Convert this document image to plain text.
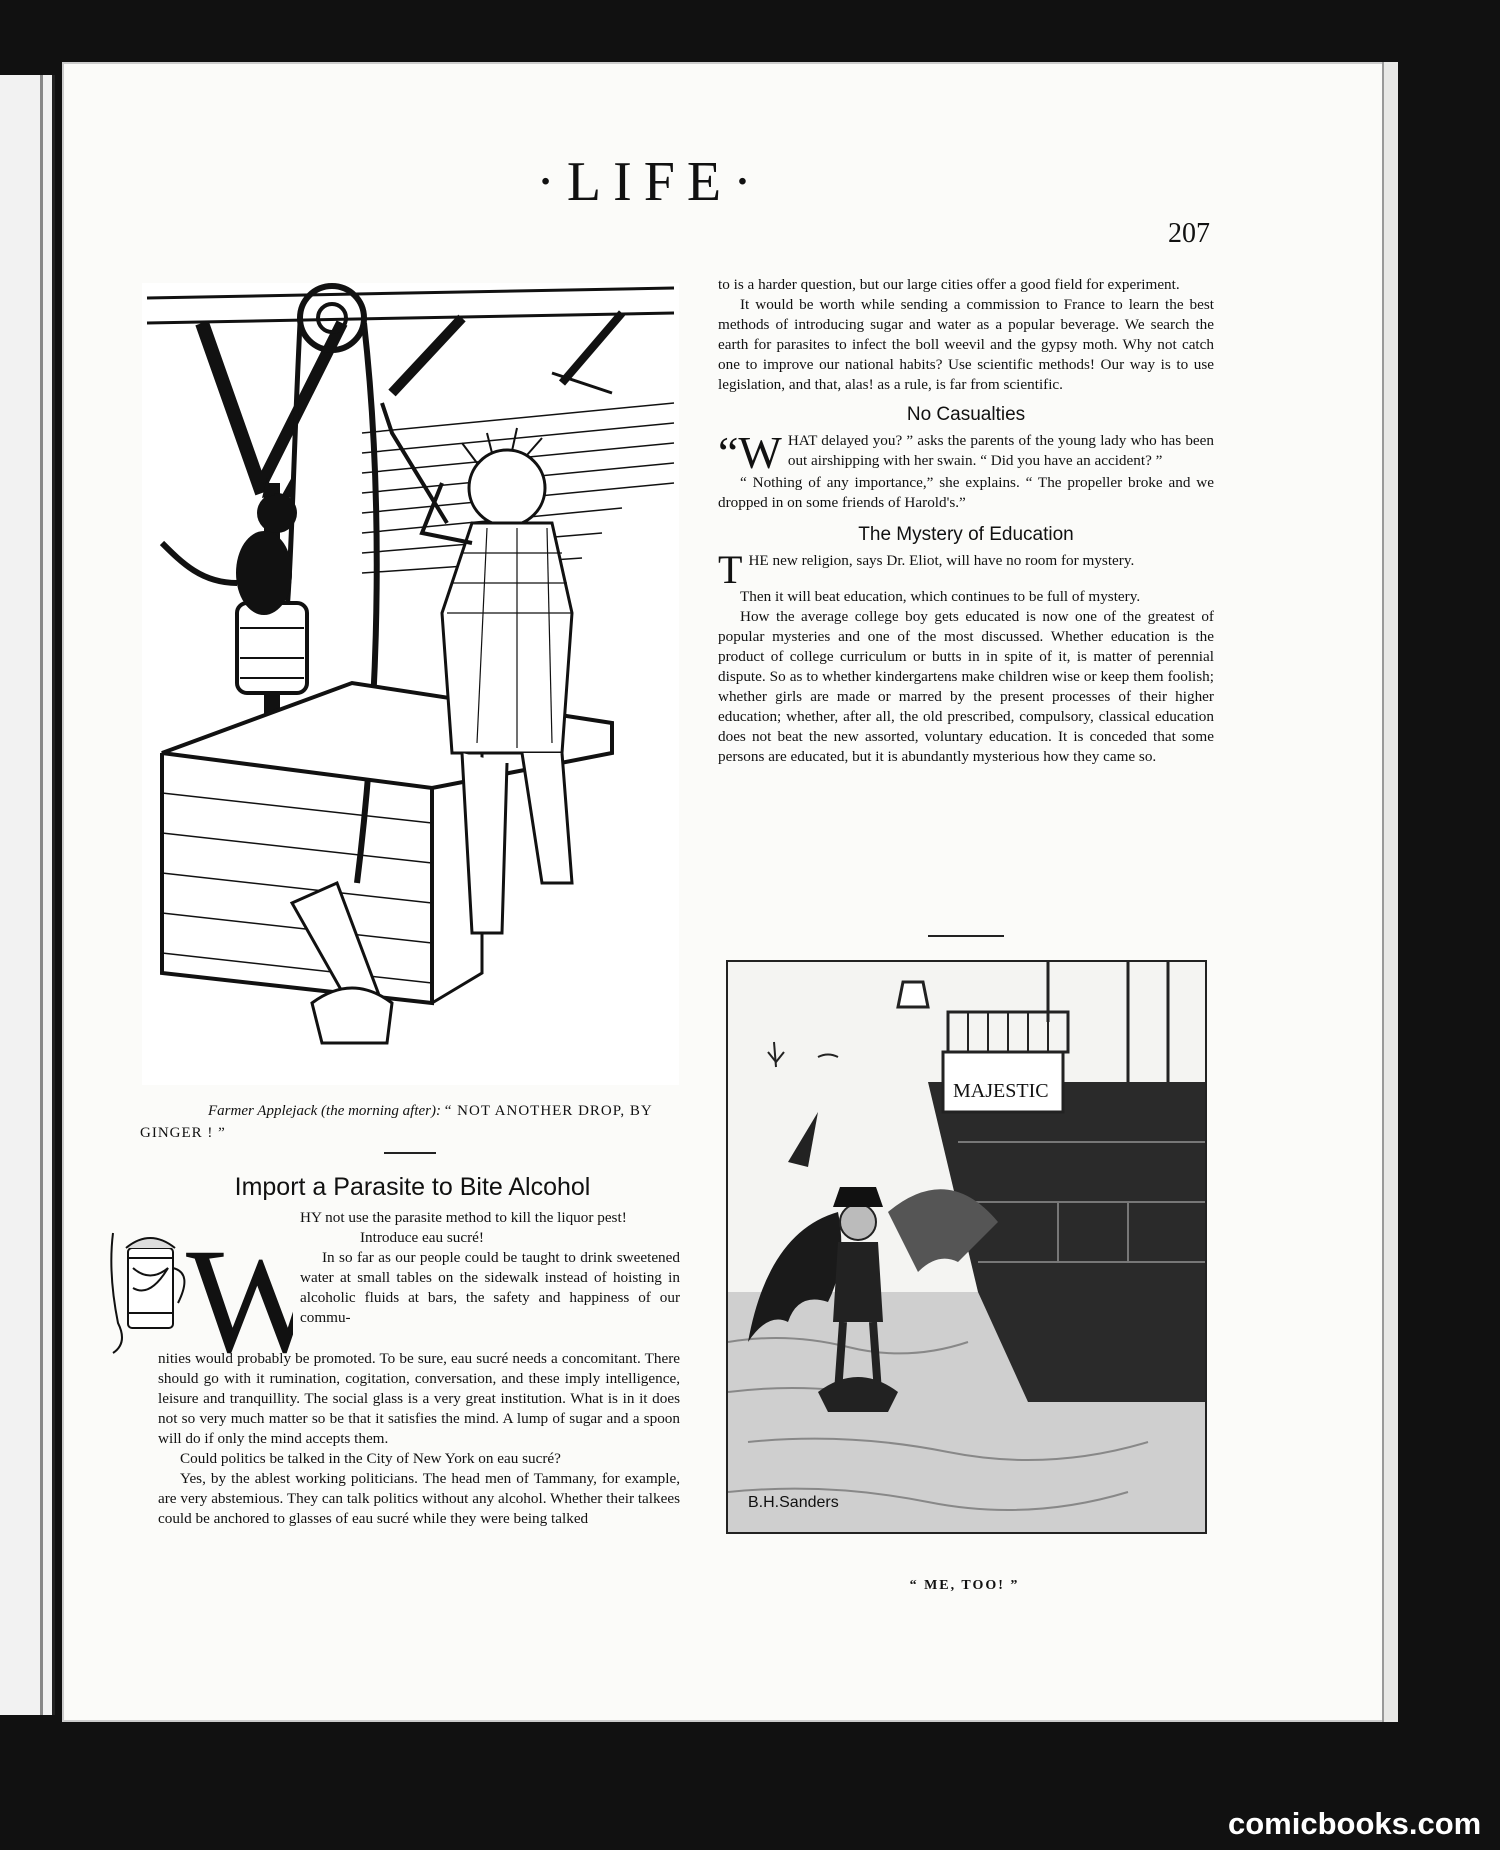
·LIFE·
207
Farmer Applejack (the morning after): “ NOT ANOTHER DROP, BY GINGER ! ”
Import a Parasite to Bite Alcohol
W

HY not use the parasite method to kill the liquor pest!

Introduce eau sucré!

In so far as our people could be taught to drink sweetened water at small tables on the sidewalk instead of hoisting in alcoholic fluids at bars, the safety and happiness of our commu-

nities would probably be promoted. To be sure, eau sucré needs a concomitant. There should go with it rumination, cogitation, conversation, and these imply intelligence, leisure and tranquillity. The social glass is a very great institution. What is in it does not so very much matter so be that it satisfies the mind. A lump of sugar and a spoon will do if only the mind accepts them.

Could politics be talked in the City of New York on eau sucré?

Yes, by the ablest working politicians. The head men of Tammany, for example, are very abstemious. They can talk politics without any alcohol. Whether their talkees could be anchored to glasses of eau sucré while they were being talked

to is a harder question, but our large cities offer a good field for experiment.

It would be worth while sending a commission to France to learn the best methods of introducing sugar and water as a popular beverage. We search the earth for parasites to infect the boll weevil and the gypsy moth. Why not catch one to improve our national habits? Use scientific methods! Our way is to use legislation, and that, alas! as a rule, is far from scientific.

No Casualties

“WHAT delayed you? ” asks the parents of the young lady who has been out airshipping with her swain. “ Did you have an accident? ”

“ Nothing of any importance,” she explains. “ The propeller broke and we dropped in on some friends of Harold's.”

The Mystery of Education

THE new religion, says Dr. Eliot, will have no room for mystery.

Then it will beat education, which continues to be full of mystery.

How the average college boy gets educated is now one of the greatest of popular mysteries and one of the most discussed. Whether education is the product of college curriculum or butts in in spite of it, is matter of perennial dispute. So as to whether kindergartens make children wise or keep them foolish; whether girls are made or marred by the present processes of their higher education; whether, after all, the old prescribed, compulsory, classical education does not beat the new assorted, voluntary education. It is conceded that some persons are educated, but it is abundantly mysterious how they came so.

MAJESTIC
B.H.Sanders
“ ME, TOO! ”
comicbooks.com
